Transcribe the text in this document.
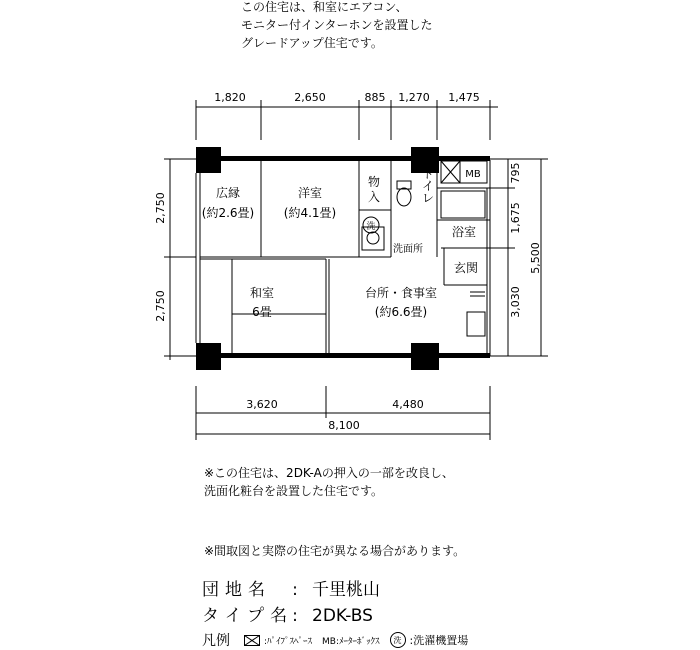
この住宅は、和室にエアコン、
モニター付インターホンを設置した
グレードアップ住宅です。
1,820	2,650	885 1,270 1,475
2,750
2,750
795
1,675
3,030
5,500
3,620	4,480
8,100
広縁
(約2.6畳)
洋室
(約4.1畳)
和室
6畳
台所・食事室
(約6.6畳)
物
入
ト
イ
レ
浴室
玄関
洗面所
洗
MB
※この住宅は、2DK-Aの押入の一部を改良し、
洗面化粧台を設置した住宅です。
※間取図と実際の住宅が異なる場合があります。
団地名 : 千里桃山
タイプ名: 2DK-BS
凡例	:ﾊﾟｲﾌﾟｽﾍﾟｰｽ MB:ﾒｰﾀｰﾎﾞｯｸｽ 洗 :洗濯機置場
